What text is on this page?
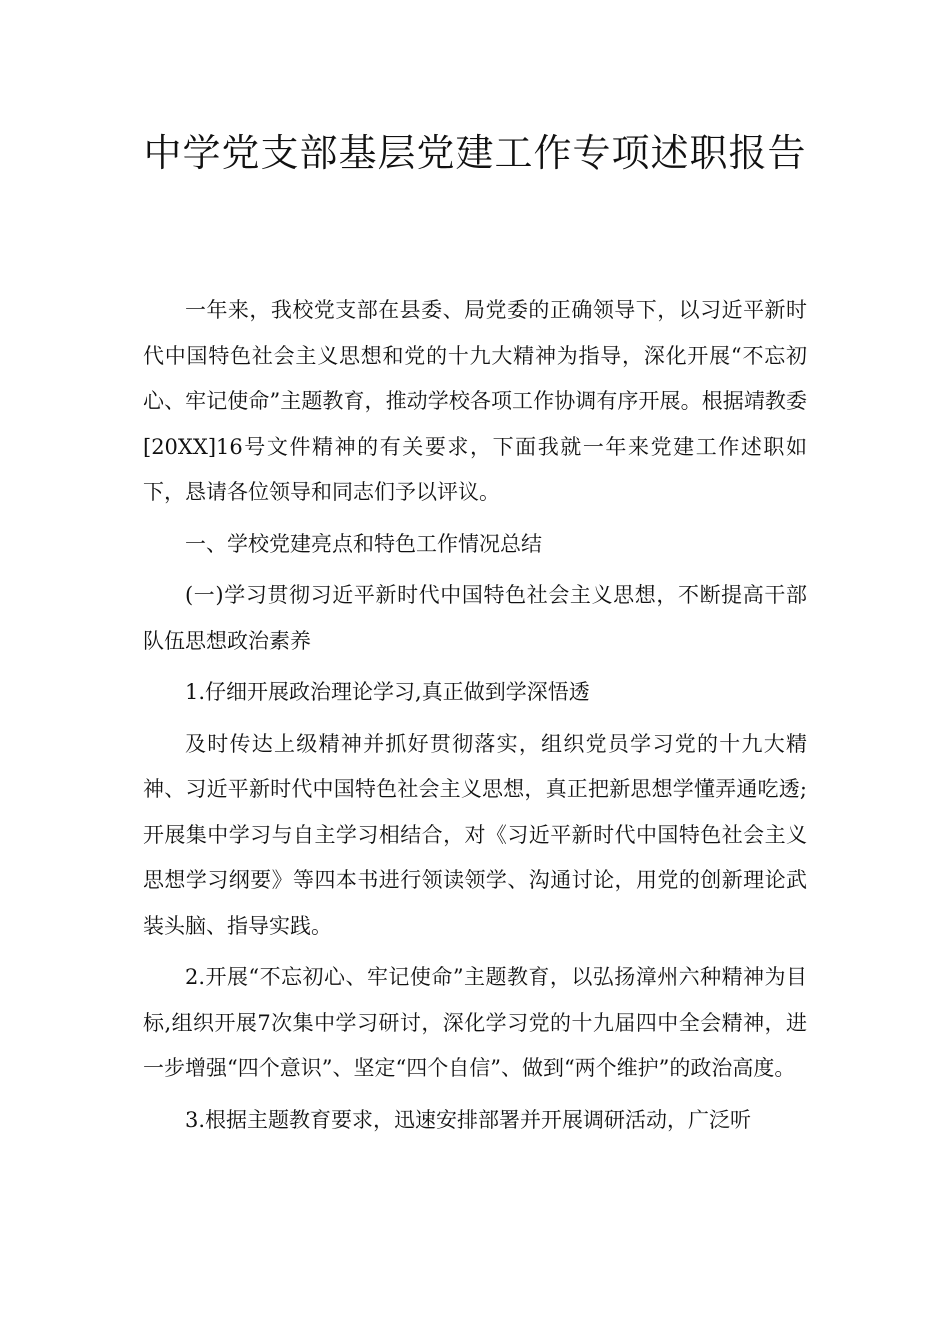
中学党支部基层党建工作专项述职报告

一年来，我校党支部在县委、局党委的正确领导下，以习近平新时代中国特色社会主义思想和党的十九大精神为指导，深化开展“不忘初心、牢记使命”主题教育，推动学校各项工作协调有序开展。根据靖教委[20XX]16号文件精神的有关要求，下面我就一年来党建工作述职如下，恳请各位领导和同志们予以评议。

一、学校党建亮点和特色工作情况总结

(一)学习贯彻习近平新时代中国特色社会主义思想，不断提高干部队伍思想政治素养

1.仔细开展政治理论学习,真正做到学深悟透

及时传达上级精神并抓好贯彻落实，组织党员学习党的十九大精神、习近平新时代中国特色社会主义思想，真正把新思想学懂弄通吃透;开展集中学习与自主学习相结合，对《习近平新时代中国特色社会主义思想学习纲要》等四本书进行领读领学、沟通讨论，用党的创新理论武装头脑、指导实践。

2.开展“不忘初心、牢记使命”主题教育，以弘扬漳州六种精神为目标,组织开展7次集中学习研讨，深化学习党的十九届四中全会精神，进一步增强“四个意识”、坚定“四个自信”、做到“两个维护”的政治高度。

3.根据主题教育要求，迅速安排部署并开展调研活动，广泛听
